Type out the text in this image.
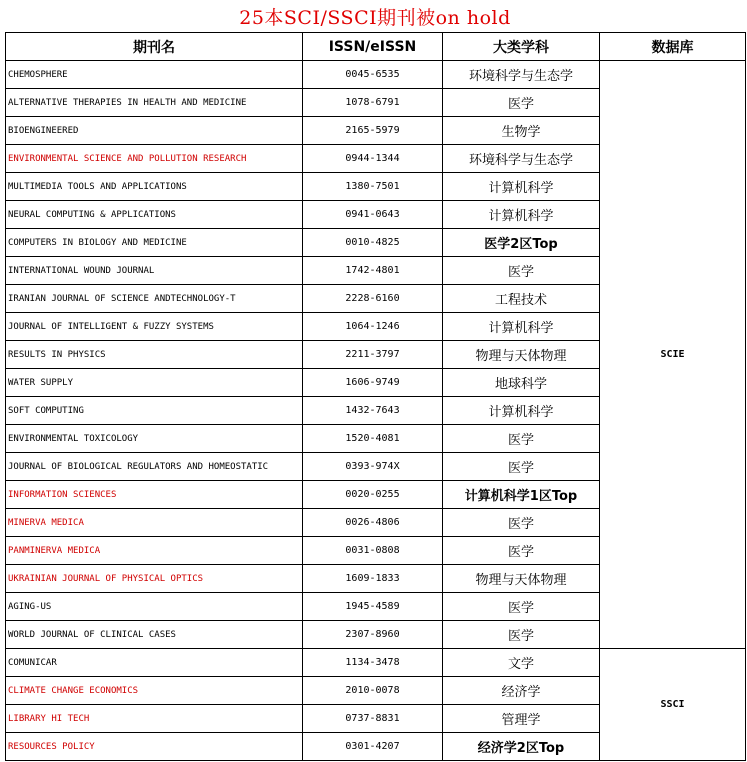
25本SCI/SSCI期刊被on hold
期刊名	ISSN/eISSN	大类学科	数据库
CHEMOSPHERE	0045-6535	环境科学与生态学	SCIE
ALTERNATIVE THERAPIES IN HEALTH AND MEDICINE	1078-6791	医学	
BIOENGINEERED	2165-5979	生物学	
ENVIRONMENTAL SCIENCE AND POLLUTION RESEARCH	0944-1344	环境科学与生态学	
MULTIMEDIA TOOLS AND APPLICATIONS	1380-7501	计算机科学	
NEURAL COMPUTING & APPLICATIONS	0941-0643	计算机科学	
COMPUTERS IN BIOLOGY AND MEDICINE	0010-4825	医学2区Top	
INTERNATIONAL WOUND JOURNAL	1742-4801	医学	
IRANIAN JOURNAL OF SCIENCE ANDTECHNOLOGY-T	2228-6160	工程技术	
JOURNAL OF INTELLIGENT & FUZZY SYSTEMS	1064-1246	计算机科学	
RESULTS IN PHYSICS	2211-3797	物理与天体物理	
WATER SUPPLY	1606-9749	地球科学	
SOFT COMPUTING	1432-7643	计算机科学	
ENVIRONMENTAL TOXICOLOGY	1520-4081	医学	
JOURNAL OF BIOLOGICAL REGULATORS AND HOMEOSTATIC	0393-974X	医学	
INFORMATION SCIENCES	0020-0255	计算机科学1区Top	
MINERVA MEDICA	0026-4806	医学	
PANMINERVA MEDICA	0031-0808	医学	
UKRAINIAN JOURNAL OF PHYSICAL OPTICS	1609-1833	物理与天体物理	
AGING-US	1945-4589	医学	
WORLD JOURNAL OF CLINICAL CASES	2307-8960	医学	
COMUNICAR	1134-3478	文学	SSCI
CLIMATE CHANGE ECONOMICS	2010-0078	经济学	
LIBRARY HI TECH	0737-8831	管理学	
RESOURCES POLICY	0301-4207	经济学2区Top	
